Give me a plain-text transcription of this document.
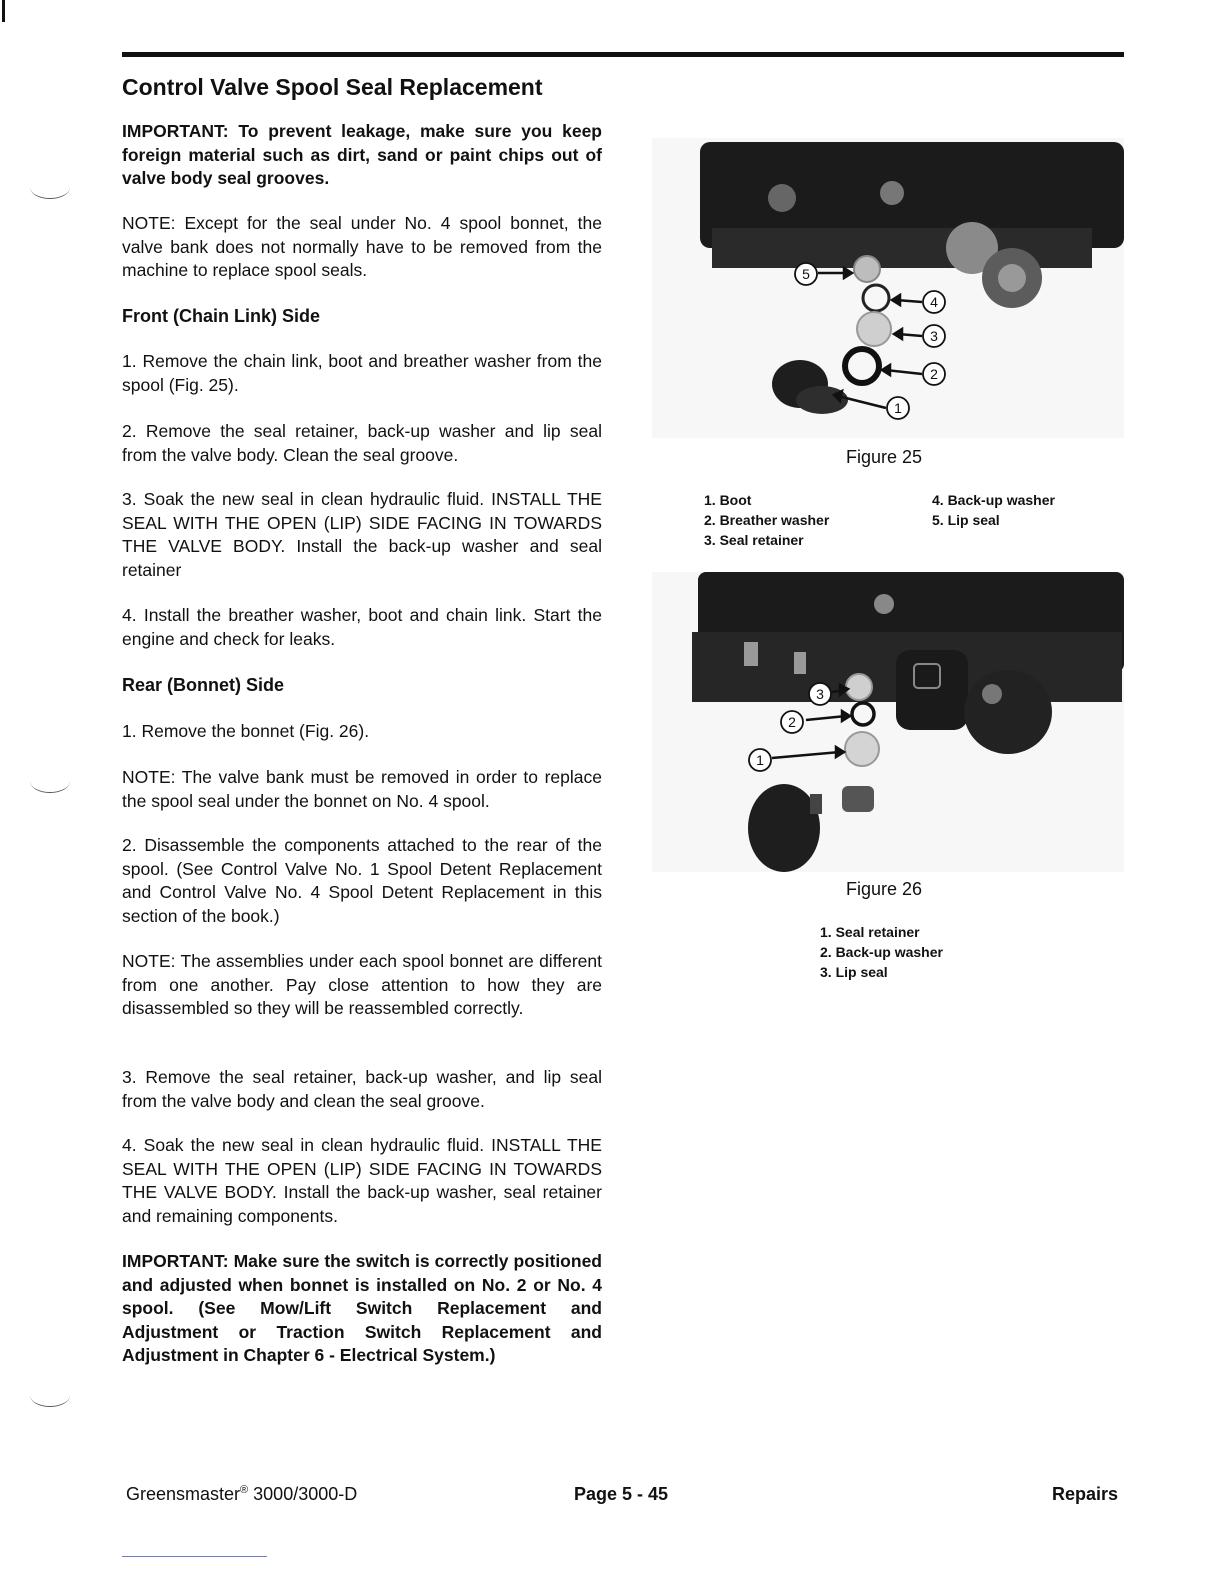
Control Valve Spool Seal Replacement

IMPORTANT: To prevent leakage, make sure you keep foreign material such as dirt, sand or paint chips out of valve body seal grooves.

NOTE: Except for the seal under No. 4 spool bonnet, the valve bank does not normally have to be removed from the machine to replace spool seals.

Front (Chain Link) Side

1. Remove the chain link, boot and breather washer from the spool (Fig. 25).

2. Remove the seal retainer, back-up washer and lip seal from the valve body. Clean the seal groove.

3. Soak the new seal in clean hydraulic fluid. INSTALL THE SEAL WITH THE OPEN (LIP) SIDE FACING IN TOWARDS THE VALVE BODY. Install the back-up washer and seal retainer

4. Install the breather washer, boot and chain link. Start the engine and check for leaks.

Rear (Bonnet) Side

1. Remove the bonnet (Fig. 26).

NOTE: The valve bank must be removed in order to replace the spool seal under the bonnet on No. 4 spool.

2. Disassemble the components attached to the rear of the spool. (See Control Valve No. 1 Spool Detent Replacement and Control Valve No. 4 Spool Detent Replacement in this section of the book.)

NOTE: The assemblies under each spool bonnet are different from one another. Pay close attention to how they are disassembled so they will be reassembled correctly.

3. Remove the seal retainer, back-up washer, and lip seal from the valve body and clean the seal groove.

4. Soak the new seal in clean hydraulic fluid. INSTALL THE SEAL WITH THE OPEN (LIP) SIDE FACING IN TOWARDS THE VALVE BODY. Install the back-up washer, seal retainer and remaining components.

IMPORTANT: Make sure the switch is correctly positioned and adjusted when bonnet is installed on No. 2 or No. 4 spool. (See Mow/Lift Switch Replacement and Adjustment or Traction Switch Replacement and Adjustment in Chapter 6 - Electrical System.)

5
4
3
2
1
Figure 25
1. Boot
2. Breather washer
3. Seal retainer
4. Back-up washer
5. Lip seal
3
2
1
Figure 26
1. Seal retainer
2. Back-up washer
3. Lip seal
Greensmaster® 3000/3000-D	Page 5 - 45	Repairs
